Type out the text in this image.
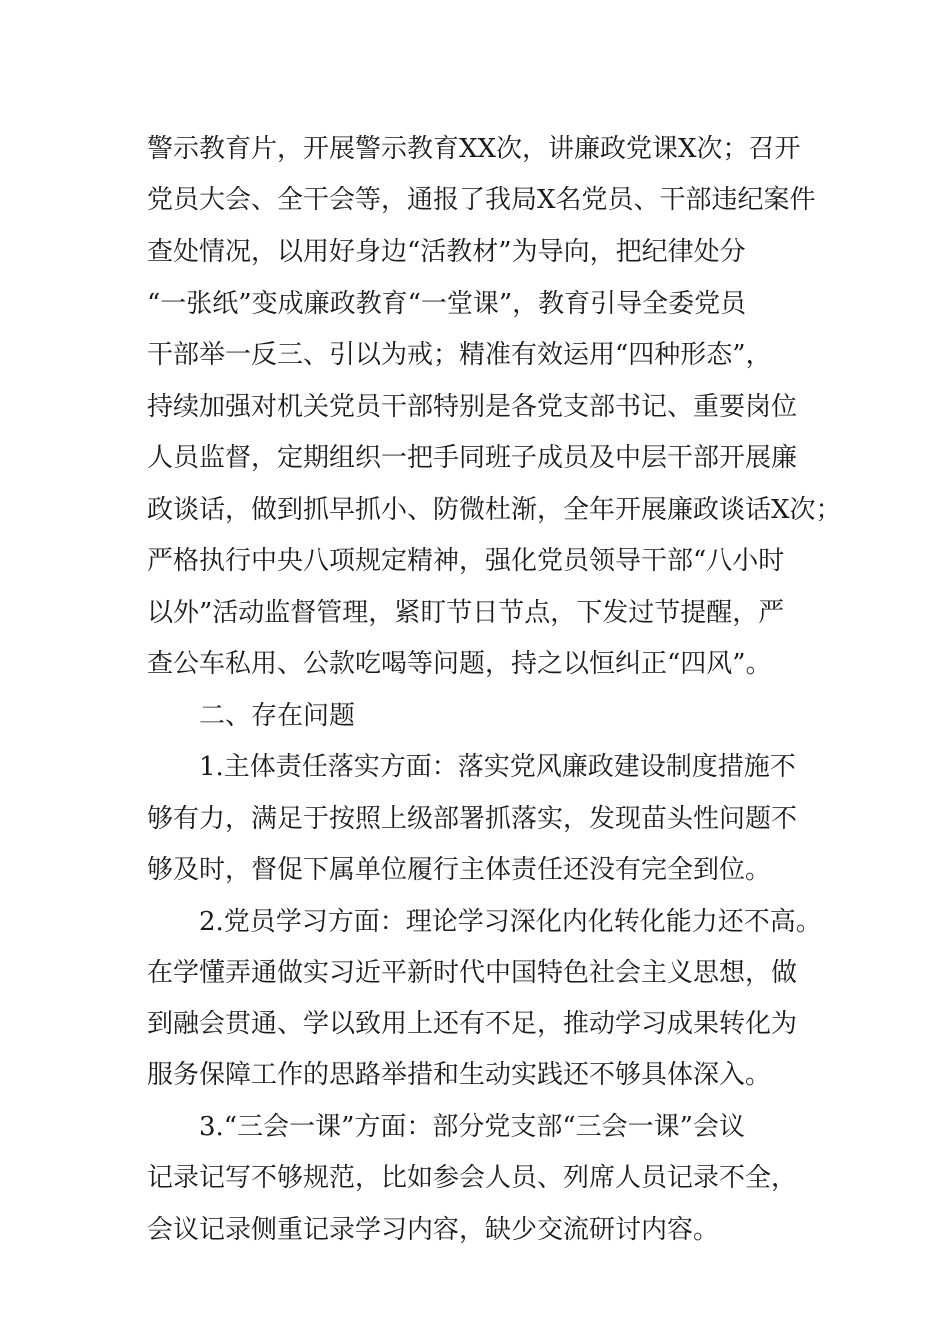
警示教育片，开展警示教育XX次，讲廉政党课X次；召开
党员大会、全干会等，通报了我局X名党员、干部违纪案件
查处情况，以用好身边“活教材”为导向，把纪律处分
“一张纸”变成廉政教育“一堂课”，教育引导全委党员
干部举一反三、引以为戒；精准有效运用“四种形态”，
持续加强对机关党员干部特别是各党支部书记、重要岗位
人员监督，定期组织一把手同班子成员及中层干部开展廉
政谈话，做到抓早抓小、防微杜渐，全年开展廉政谈话X次；
严格执行中央八项规定精神，强化党员领导干部“八小时
以外”活动监督管理，紧盯节日节点，下发过节提醒，严
查公车私用、公款吃喝等问题，持之以恒纠正“四风”。
二、存在问题
1.主体责任落实方面：落实党风廉政建设制度措施不
够有力，满足于按照上级部署抓落实，发现苗头性问题不
够及时，督促下属单位履行主体责任还没有完全到位。
2.党员学习方面：理论学习深化内化转化能力还不高。
在学懂弄通做实习近平新时代中国特色社会主义思想，做
到融会贯通、学以致用上还有不足，推动学习成果转化为
服务保障工作的思路举措和生动实践还不够具体深入。
3.“三会一课”方面：部分党支部“三会一课”会议
记录记写不够规范，比如参会人员、列席人员记录不全，
会议记录侧重记录学习内容，缺少交流研讨内容。
